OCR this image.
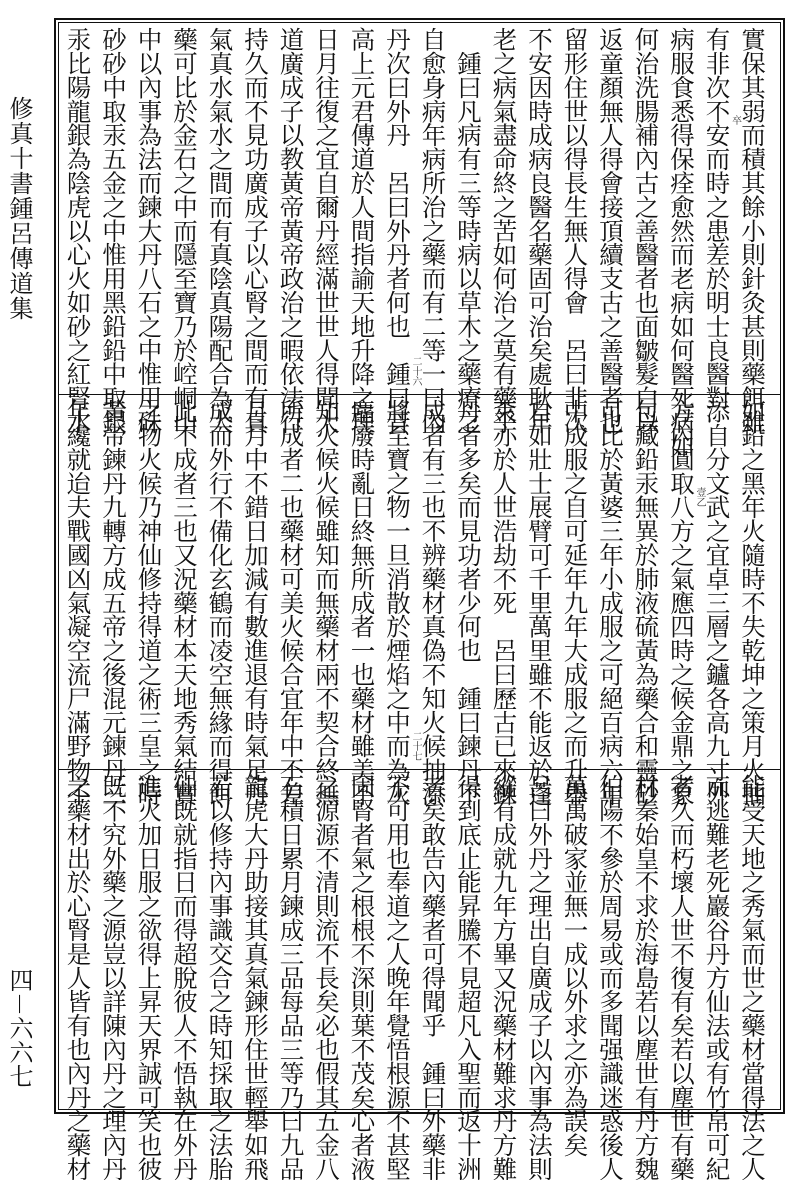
修真十書鍾呂傳道集
四－六六七
實保其弱而積其餘小則針灸甚則藥餌雖
有非次不安而時之患差於明士良醫對
病服食悉得保痊愈然而老病如何醫死病如
何治洗腸補內古之善醫者也面皺髮白以
返童顏無人得會接頂續支古之善醫者也
留形住世以得長生無人得會　呂曰非次
不安因時成病良醫名藥固可治矣處耿年
老之病氣盡命終之苦如何治之莫有藥乎
　鍾曰凡病有三等時病以草木之藥療之
自愈身病年病所治之藥而有二等一曰內
丹次曰外丹　呂曰外丹者何也　鍾曰昔
高上元君傳道於人間指諭天地升降之理
日月往復之宜自爾丹經滿世世人得聞大
道廣成子以教黃帝黃帝政治之暇依法行
持久而不見功廣成子以心腎之間而有真
氣真水氣水之間而有真陰真陽配合為大
藥可比於金石之中而隱至寶乃於崆峒山
中以內事為法而鍊大丹八石之中惟用硃
砂砂中取汞五金之中惟用黑鉛鉛中取銀
汞比陽龍銀為陰虎以心火如砂之紅腎水	二十六
卒
如鉛之黑年火隨時不失乾坤之策月火抽
添自分文武之宜卓三層之鑪各高九寸外
方內圓取八方之氣應四時之候金鼎之象
包藏鉛汞無異於肺液硫黃為藥合和靈砂
可比於黃婆三年小成服之可絕百病六年
中成服之自可延年九年大成服之而升舉
自如壯士展臂可千里萬里雖不能返於蓬
萊亦於人世浩劫不死　呂曰歷古已來鍊
丹者多矣而見功者少何也　鍾曰鍊丹不
成者有三也不辨藥材真偽不知火候抽添
將至寶之物一旦消散於煙焰之中而為灰
塵廢時亂日終無所成者一也藥材雖美不
知火候火候雖知而無藥材兩不契合終無
所成者二也藥材可美火候合宜年中不差
月月中不錯日加減有數進退有時氣足丹
成而外行不備化玄鶴而凌空無緣而得餌
此不成者三也又況藥材本天地秀氣結實
之物火候乃神仙修持得道之術三皇之時
黃帝鍊丹九轉方成五帝之後混元鍊丹三
年纔就迨夫戰國凶氣凝空流尸滿野物不	二十七
壹乙
能受天地之秀氣而世之藥材當得法之人
而逃難老死巖谷丹方仙法或有竹帛可紀
者久而朽壞人世不復有矣若以塵世有藥
材秦始皇不求於海島若以塵世有丹方魏
伯陽不參於周易或而多聞强識迷惑後人
萬萬破家並無一成以外求之亦為誤矣
呂曰外丹之理出自廣成子以內事為法則
縱有成就九年方畢又況藥材難求丹方難
得到底止能昇騰不見超凡入聖而返十洲
者矣敢告內藥者可得聞乎　鍾曰外藥非
不可用也奉道之人晚年覺悟根源不甚堅
固腎者氣之根根不深則葉不茂矣心者液
之源源不清則流不長矣必也假其五金八
石積日累月鍊成三品每品三等乃曰九品
龍虎大丹助接其真氣鍊形住世輕舉如飛
若以修持內事識交合之時知採取之法胎
仙既就指日而得超脫彼人不悟執在外丹
進火加日服之欲得上昇天界誠可笑也彼
既不究外藥之源豈以詳陳內丹之理內丹
之藥材出於心腎是人皆有也內丹之藥材
